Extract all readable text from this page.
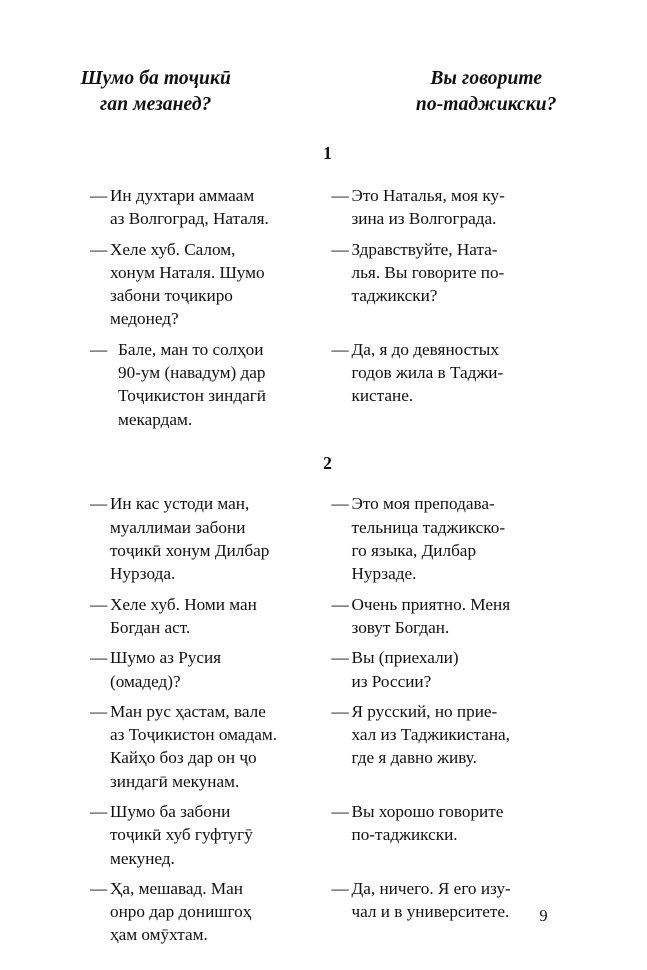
Шумо ба тоҷикӣ
гап мезанед?
Вы говорите
по-таджикски?
1
— Ин духтари аммаам
аз Волгоград, Наталя.
— Это Наталья, моя ку-
зина из Волгограда.
— Хеле хуб. Салом,
хонум Наталя. Шумо
забони тоҷикиро
медонед?
— Здравствуйте, Ната-
лья. Вы говорите по-
таджикски?
— Бале, ман то солҳои
90-ум (навадум) дар
Тоҷикистон зиндагӣ
мекардам.
— Да, я до девяностых
годов жила в Таджи-
кистане.
2
— Ин кас устоди ман,
муаллимаи забони
тоҷикӣ хонум Дилбар
Нурзода.
— Это моя преподава-
тельница таджикско-
го языка, Дилбар
Нурзаде.
— Хеле хуб. Номи ман
Богдан аст.
— Очень приятно. Меня
зовут Богдан.
— Шумо аз Русия
(омадед)?
— Вы (приехали)
из России?
— Ман рус ҳастам, вале
аз Тоҷикистон омадам.
Кайҳо боз дар он ҷо
зиндагӣ мекунам.
— Я русский, но прие-
хал из Таджикистана,
где я давно живу.
— Шумо ба забони
тоҷикӣ хуб гуфтугӯ
мекунед.
— Вы хорошо говорите
по-таджикски.
— Ҳа, мешавад. Ман
онро дар донишгоҳ
ҳам омӯхтам.
— Да, ничего. Я его изу-
чал и в университете.	9
